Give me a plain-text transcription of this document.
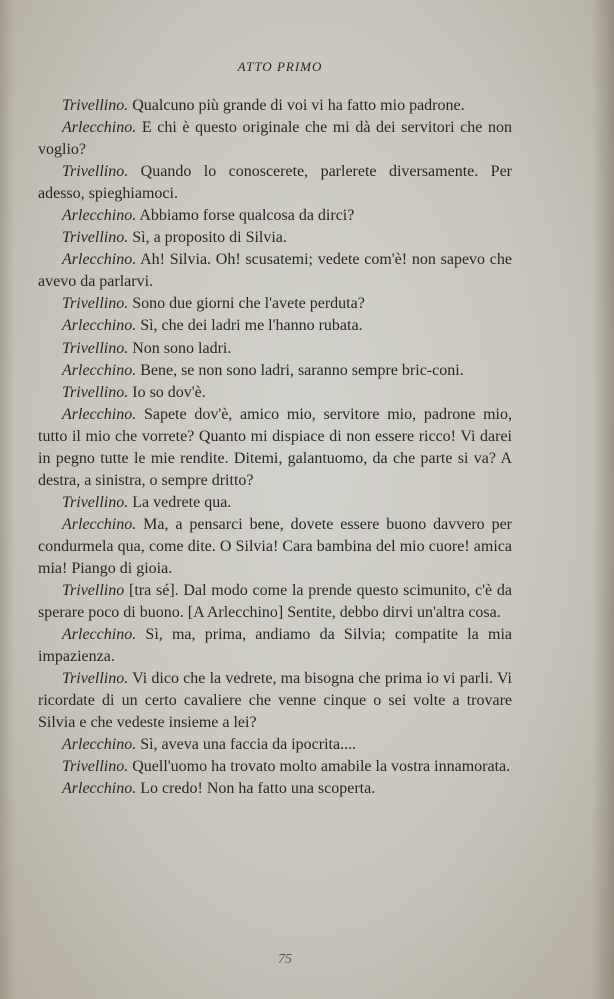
ATTO PRIMO

Trivellino. Qualcuno più grande di voi vi ha fatto mio padrone.

Arlecchino. E chi è questo originale che mi dà dei servitori che non voglio?

Trivellino. Quando lo conoscerete, parlerete diversamente. Per adesso, spieghiamoci.

Arlecchino. Abbiamo forse qualcosa da dirci?

Trivellino. Sì, a proposito di Silvia.

Arlecchino. Ah! Silvia. Oh! scusatemi; vedete com'è! non sapevo che avevo da parlarvi.

Trivellino. Sono due giorni che l'avete perduta?

Arlecchino. Sì, che dei ladri me l'hanno rubata.

Trivellino. Non sono ladri.

Arlecchino. Bene, se non sono ladri, saranno sempre bric-coni.

Trivellino. Io so dov'è.

Arlecchino. Sapete dov'è, amico mio, servitore mio, padrone mio, tutto il mio che vorrete? Quanto mi dispiace di non essere ricco! Vi darei in pegno tutte le mie rendite. Ditemi, galantuomo, da che parte si va? A destra, a sinistra, o sempre dritto?

Trivellino. La vedrete qua.

Arlecchino. Ma, a pensarci bene, dovete essere buono davvero per condurmela qua, come dite. O Silvia! Cara bambina del mio cuore! amica mia! Piango di gioia.

Trivellino [tra sé]. Dal modo come la prende questo scimunito, c'è da sperare poco di buono. [A Arlecchino] Sentite, debbo dirvi un'altra cosa.

Arlecchino. Sì, ma, prima, andiamo da Silvia; compatite la mia impazienza.

Trivellino. Vi dico che la vedrete, ma bisogna che prima io vi parli. Vi ricordate di un certo cavaliere che venne cinque o sei volte a trovare Silvia e che vedeste insieme a lei?

Arlecchino. Sì, aveva una faccia da ipocrita....

Trivellino. Quell'uomo ha trovato molto amabile la vostra innamorata.

Arlecchino. Lo credo! Non ha fatto una scoperta.

75
